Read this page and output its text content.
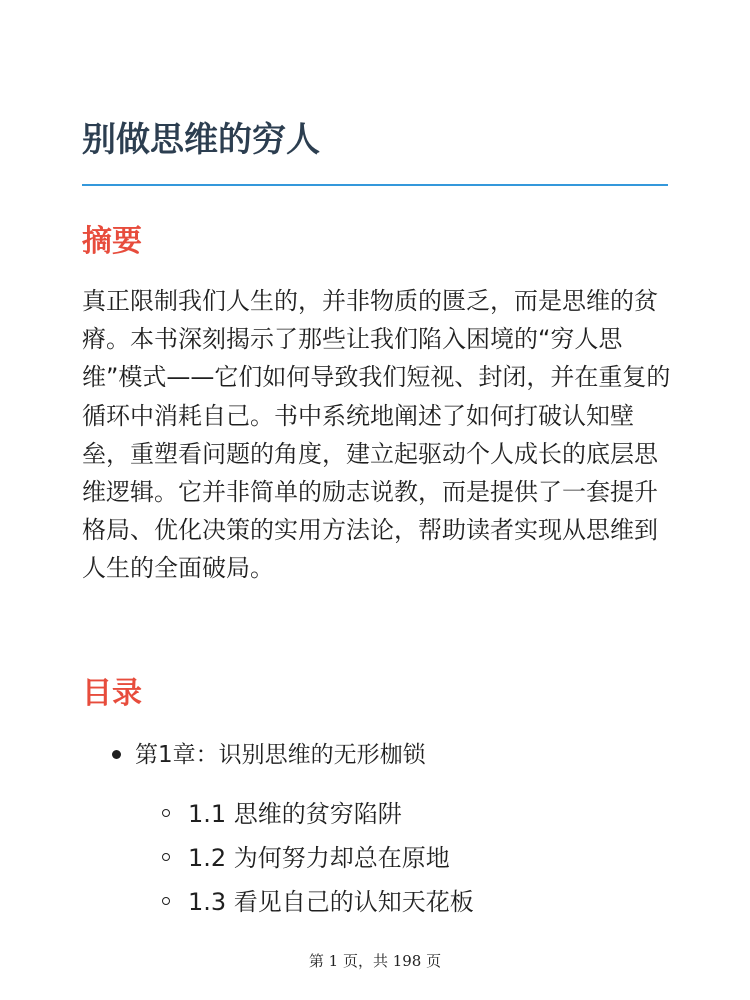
别做思维的穷人
摘要

真正限制我们人生的，并非物质的匮乏，而是思维的贫瘠。本书深刻揭示了那些让我们陷入困境的“穷人思维”模式——它们如何导致我们短视、封闭，并在重复的循环中消耗自己。书中系统地阐述了如何打破认知壁垒，重塑看问题的角度，建立起驱动个人成长的底层思维逻辑。它并非简单的励志说教，而是提供了一套提升格局、优化决策的实用方法论，帮助读者实现从思维到人生的全面破局。

目录
第1章：识别思维的无形枷锁
1.1 思维的贫穷陷阱
1.2 为何努力却总在原地
1.3 看见自己的认知天花板
第 1 页，共 198 页
